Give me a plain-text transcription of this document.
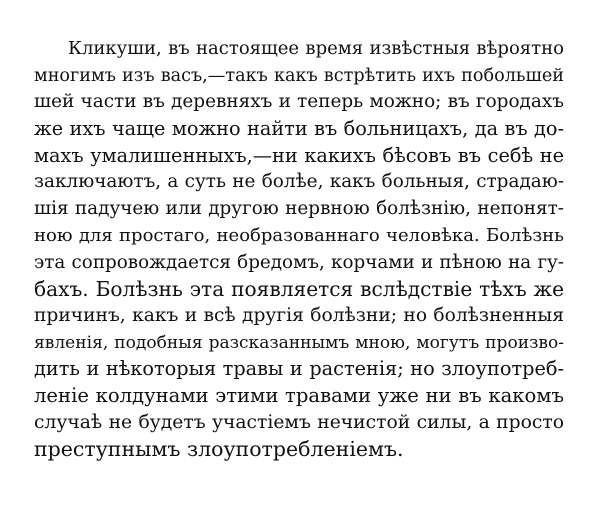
Кликуши, въ настоящее время извѣстныя вѣроятно
многимъ изъ васъ,—такъ какъ встрѣтить ихъ побольшей
шей части въ деревняхъ и теперь можно; въ городахъ
же ихъ чаще можно найти въ больницахъ, да въ до-
махъ умалишенныхъ,—ни какихъ бѣсовъ въ себѣ не
заключаютъ, а суть не болѣе, какъ больныя, страдаю-
шія падучею или другою нервною болѣзнію, непонят-
ною для простаго, необразованнаго человѣка. Болѣзнь
эта сопровождается бредомъ, корчами и пѣною на гу-
бахъ. Болѣзнь эта появляется вслѣдствіе тѣхъ же
причинъ, какъ и всѣ другія болѣзни; но болѣзненныя
явленія, подобныя разсказаннымъ мною, могутъ произво-
дить и нѣкоторыя травы и растенія; но злоупотреб-
леніе колдунами этими травами уже ни въ какомъ
случаѣ не будетъ участіемъ нечистой силы, а просто
преступнымъ злоупотребленіемъ.
